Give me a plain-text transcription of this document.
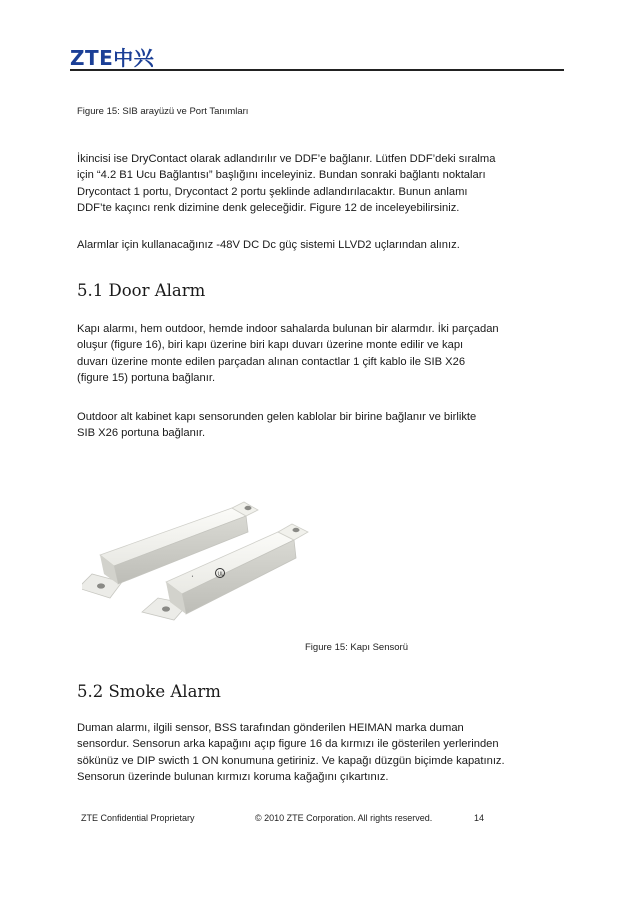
ZTE中兴
Figure 15: SIB arayüzü ve Port Tanımları
İkincisi ise DryContact olarak adlandırılır ve DDF’e bağlanır. Lütfen DDF’deki sıralma
için “4.2 B1 Ucu Bağlantısı” başlığını inceleyiniz. Bundan sonraki bağlantı noktaları
Drycontact 1 portu, Drycontact 2 portu şeklinde adlandırılacaktır. Bunun anlamı
DDF’te kaçıncı renk dizimine denk geleceğidir. Figure 12 de inceleyebilirsiniz.
Alarmlar için kullanacağınız -48V DC Dc güç sistemi LLVD2 uçlarından alınız.
5.1 Door Alarm
Kapı alarmı, hem outdoor, hemde indoor sahalarda bulunan bir alarmdır. İki parçadan
oluşur (figure 16), biri kapı üzerine biri kapı duvarı üzerine monte edilir ve kapı
duvarı üzerine monte edilen parçadan alınan contactlar 1 çift kablo ile SIB X26
(figure 15) portuna bağlanır.
Outdoor alt kabinet kapı sensorunden gelen kablolar bir birine bağlanır ve birlikte
SIB X26 portuna bağlanır.
UL
•
Figure 15: Kapı Sensorü
5.2 Smoke Alarm
Duman alarmı, ilgili sensor, BSS tarafından gönderilen HEIMAN marka duman
sensordur. Sensorun arka kapağını açıp figure 16 da kırmızı ile gösterilen yerlerinden
sökünüz ve DIP swicth 1 ON konumuna getiriniz. Ve kapağı düzgün biçimde kapatınız.
Sensorun üzerinde bulunan kırmızı koruma kağağını çıkartınız.
ZTE Confidential Proprietary	© 2010 ZTE Corporation. All rights reserved.	14
